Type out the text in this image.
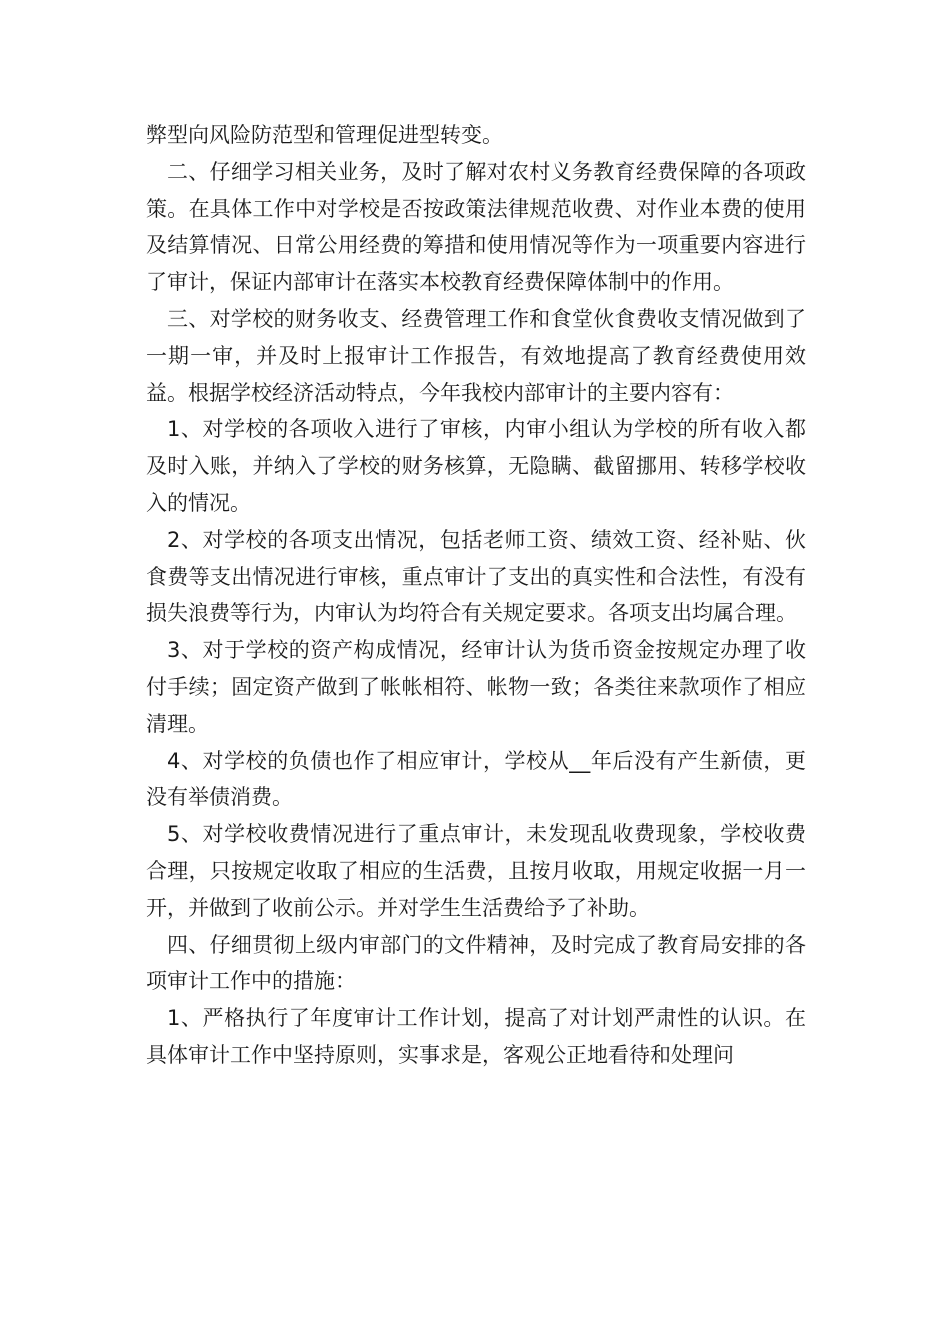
弊型向风险防范型和管理促进型转变。

二、仔细学习相关业务，及时了解对农村义务教育经费保障的各项政策。在具体工作中对学校是否按政策法律规范收费、对作业本费的使用及结算情况、日常公用经费的筹措和使用情况等作为一项重要内容进行了审计，保证内部审计在落实本校教育经费保障体制中的作用。

三、对学校的财务收支、经费管理工作和食堂伙食费收支情况做到了一期一审，并及时上报审计工作报告，有效地提高了教育经费使用效益。根据学校经济活动特点，今年我校内部审计的主要内容有：

1、对学校的各项收入进行了审核，内审小组认为学校的所有收入都及时入账，并纳入了学校的财务核算，无隐瞒、截留挪用、转移学校收入的情况。

2、对学校的各项支出情况，包括老师工资、绩效工资、经补贴、伙食费等支出情况进行审核，重点审计了支出的真实性和合法性，有没有损失浪费等行为，内审认为均符合有关规定要求。各项支出均属合理。

3、对于学校的资产构成情况，经审计认为货币资金按规定办理了收付手续；固定资产做到了帐帐相符、帐物一致；各类往来款项作了相应清理。

4、对学校的负债也作了相应审计，学校从__年后没有产生新债，更没有举债消费。

5、对学校收费情况进行了重点审计，未发现乱收费现象，学校收费合理，只按规定收取了相应的生活费，且按月收取，用规定收据一月一开，并做到了收前公示。并对学生生活费给予了补助。

四、仔细贯彻上级内审部门的文件精神，及时完成了教育局安排的各项审计工作中的措施：

1、严格执行了年度审计工作计划，提高了对计划严肃性的认识。在具体审计工作中坚持原则，实事求是，客观公正地看待和处理问
